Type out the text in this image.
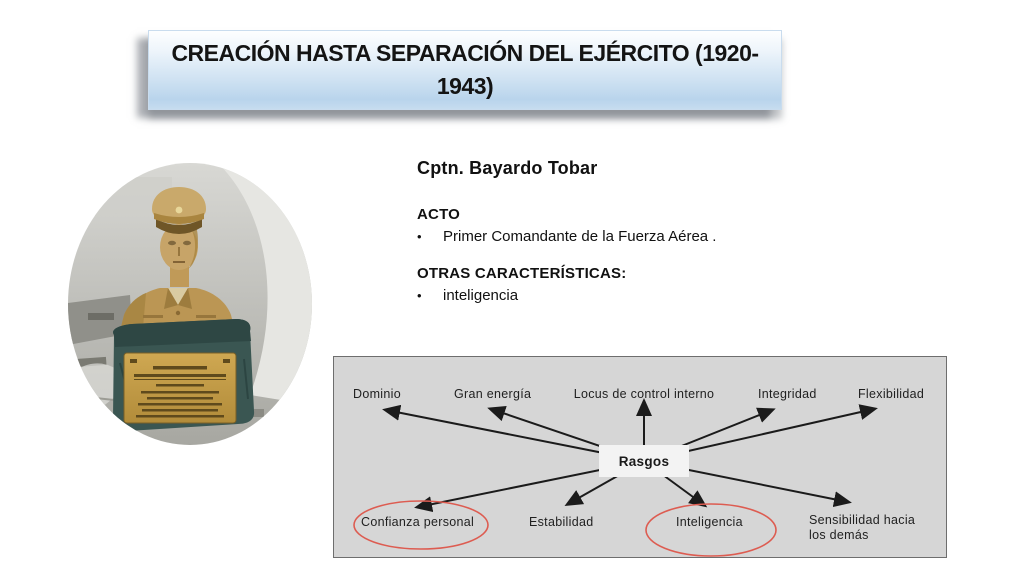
CREACIÓN HASTA SEPARACIÓN DEL EJÉRCITO (1920-1943)
Cptn. Bayardo Tobar
ACTO
•	Primer Comandante de la Fuerza Aérea .
OTRAS CARACTERÍSTICAS:
•	inteligencia
Rasgos
Dominio	Gran energía	Locus de control interno	Integridad	Flexibilidad
Confianza personal	Estabilidad	Inteligencia	Sensibilidad hacia los demás
